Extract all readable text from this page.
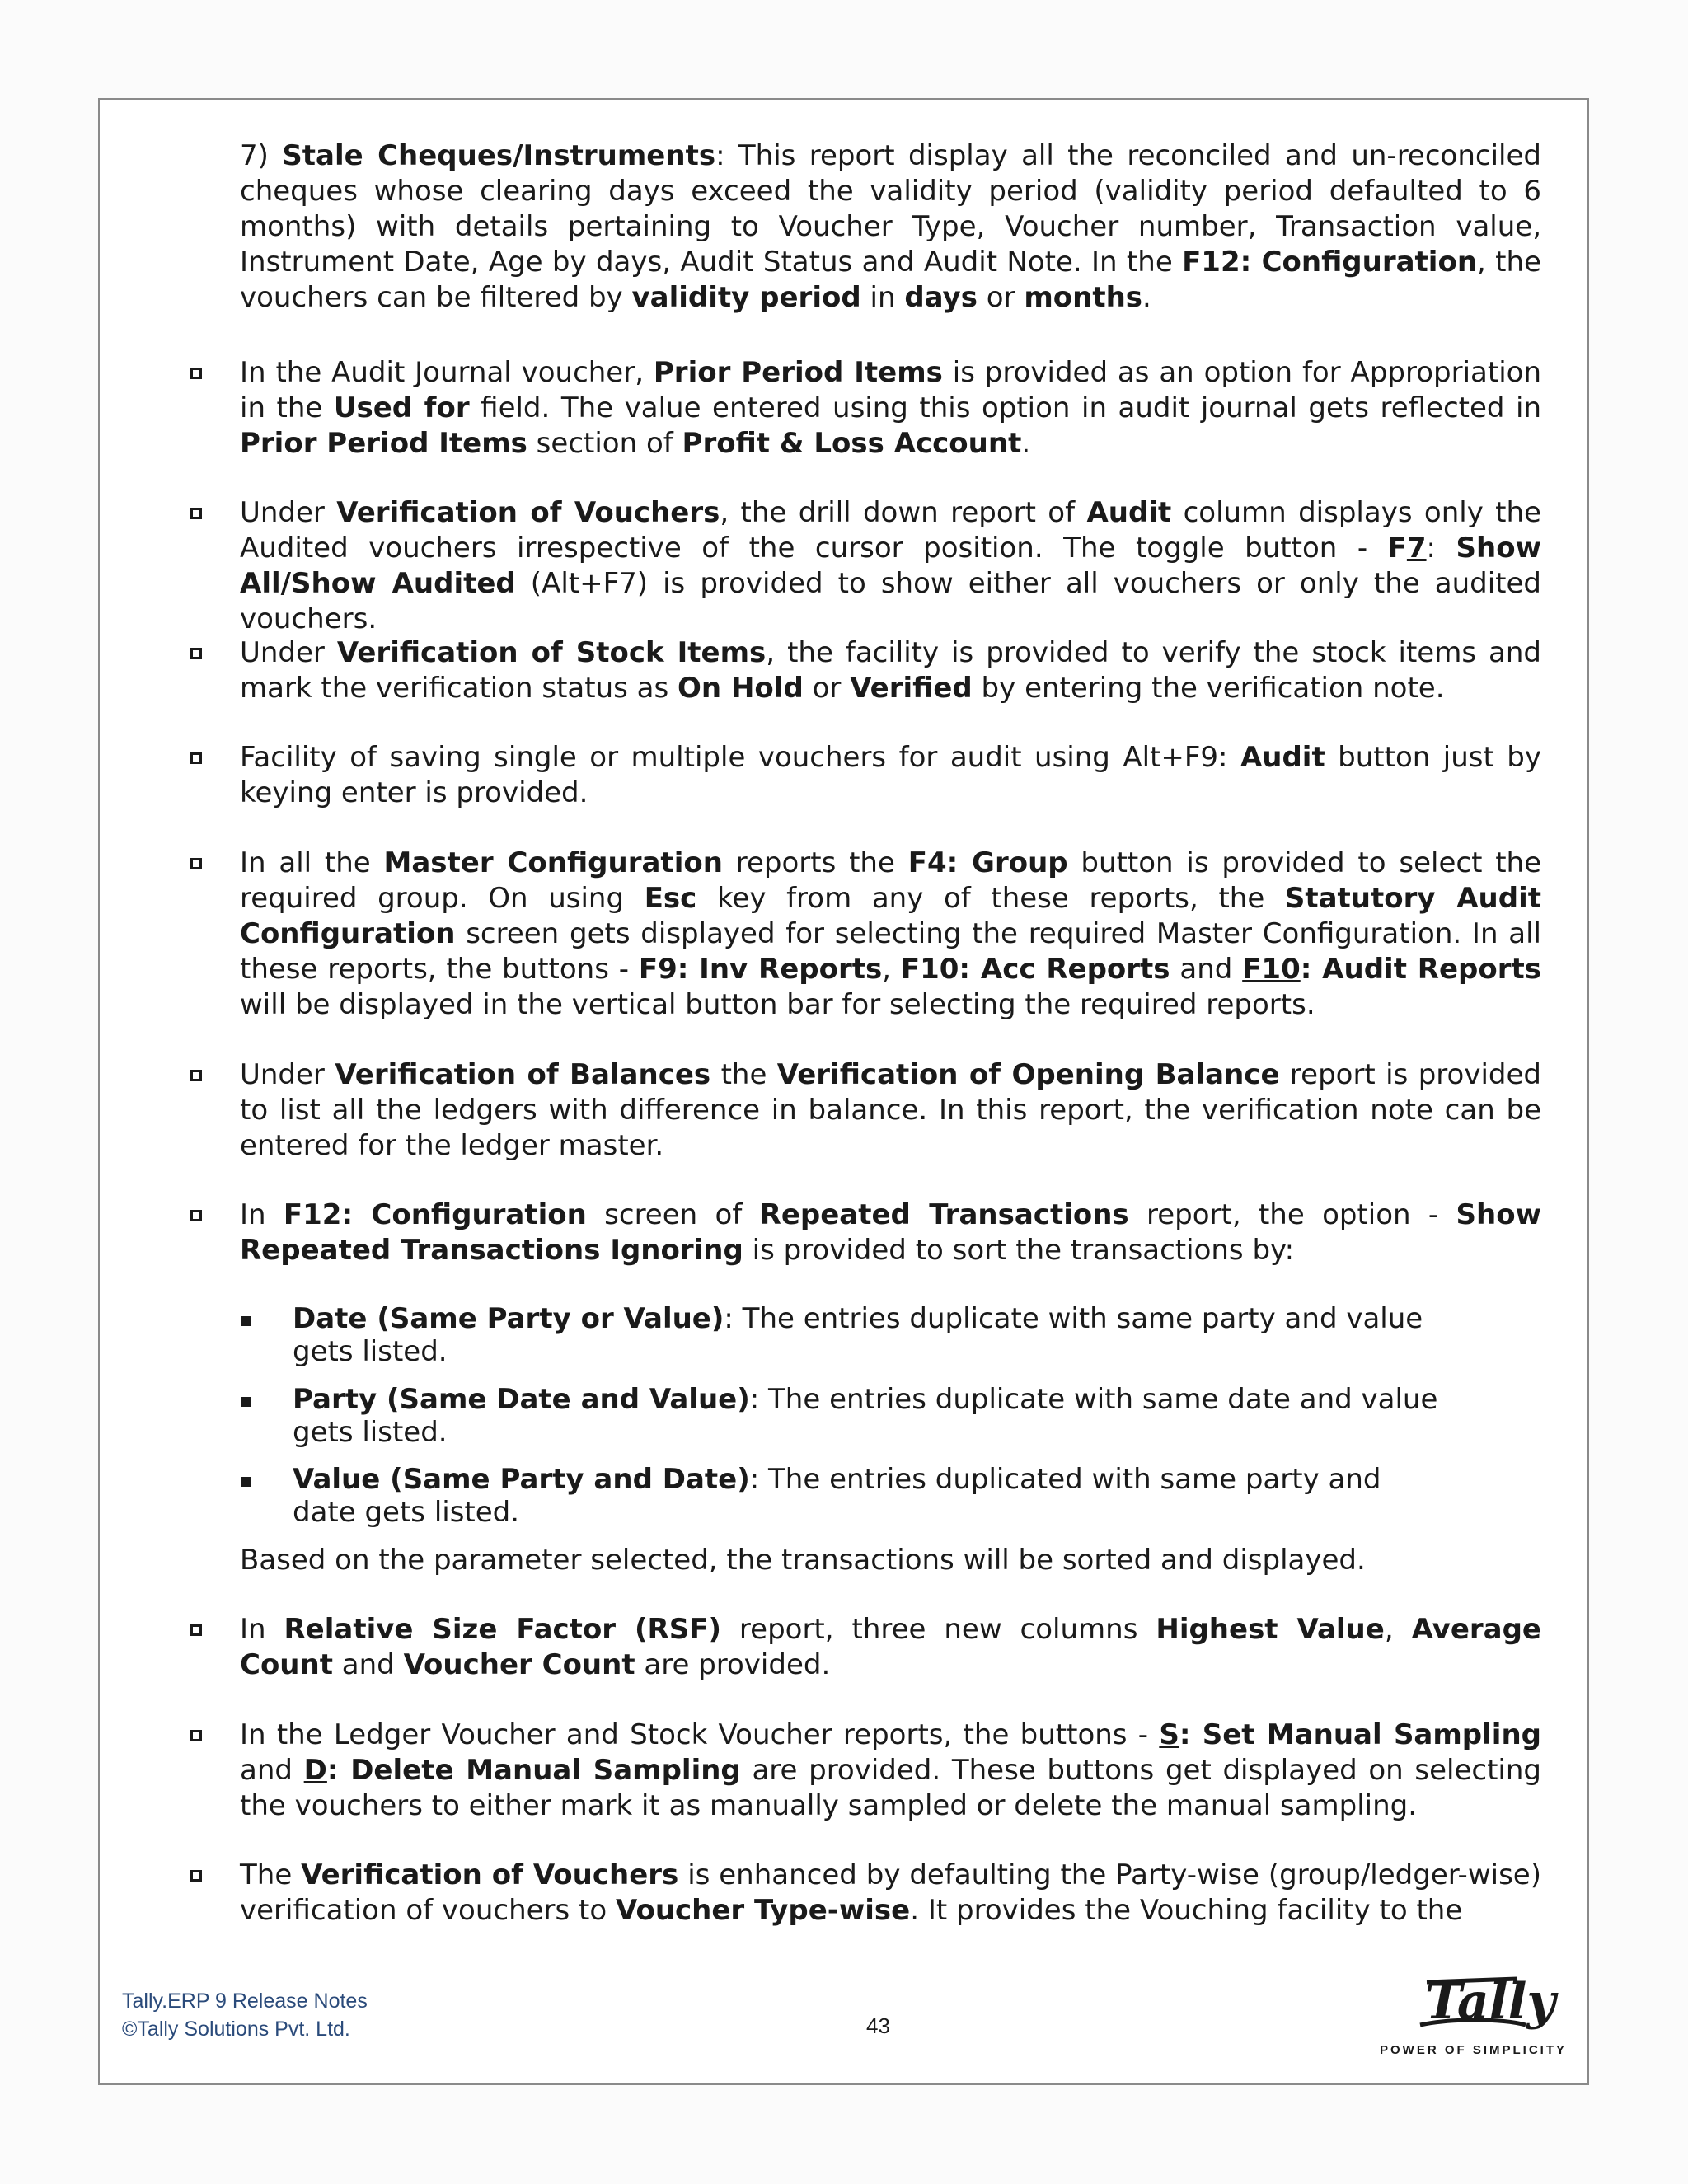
7) Stale Cheques/Instruments: This report display all the reconciled and un-reconciled cheques whose clearing days exceed the validity period (validity period defaulted to 6 months) with details pertaining to Voucher Type, Voucher number, Transaction value, Instrument Date, Age by days, Audit Status and Audit Note. In the F12: Configuration, the vouchers can be filtered by validity period in days or months.
In the Audit Journal voucher, Prior Period Items is provided as an option for Appropriation in the Used for field. The value entered using this option in audit journal gets reflected in Prior Period Items section of Profit & Loss Account.
Under Verification of Vouchers, the drill down report of Audit column displays only the Audited vouchers irrespective of the cursor position. The toggle button - F7: Show All/Show Audited (Alt+F7) is provided to show either all vouchers or only the audited vouchers.
Under Verification of Stock Items, the facility is provided to verify the stock items and mark the verification status as On Hold or Verified by entering the verification note.
Facility of saving single or multiple vouchers for audit using Alt+F9: Audit button just by keying enter is provided.
In all the Master Configuration reports the F4: Group button is provided to select the required group. On using Esc key from any of these reports, the Statutory Audit Configuration screen gets displayed for selecting the required Master Configuration. In all these reports, the buttons - F9: Inv Reports, F10: Acc Reports and F10: Audit Reports will be displayed in the vertical button bar for selecting the required reports.
Under Verification of Balances the Verification of Opening Balance report is provided to list all the ledgers with difference in balance. In this report, the verification note can be entered for the ledger master.
In F12: Configuration screen of Repeated Transactions report, the option - Show Repeated Transactions Ignoring is provided to sort the transactions by:
Date (Same Party or Value): The entries duplicate with same party and value gets listed.
Party (Same Date and Value): The entries duplicate with same date and value gets listed.
Value (Same Party and Date): The entries duplicated with same party and date gets listed.
Based on the parameter selected, the transactions will be sorted and displayed.
In Relative Size Factor (RSF) report, three new columns Highest Value, Average Count and Voucher Count are provided.
In the Ledger Voucher and Stock Voucher reports, the buttons - S: Set Manual Sampling and D: Delete Manual Sampling are provided. These buttons get displayed on selecting the vouchers to either mark it as manually sampled or delete the manual sampling.
The Verification of Vouchers is enhanced by defaulting the Party-wise (group/ledger-wise) verification of vouchers to Voucher Type-wise. It provides the Vouching facility to the
Tally.ERP 9 Release Notes
©Tally Solutions Pvt. Ltd.	43	Tally
POWER OF SIMPLICITY
